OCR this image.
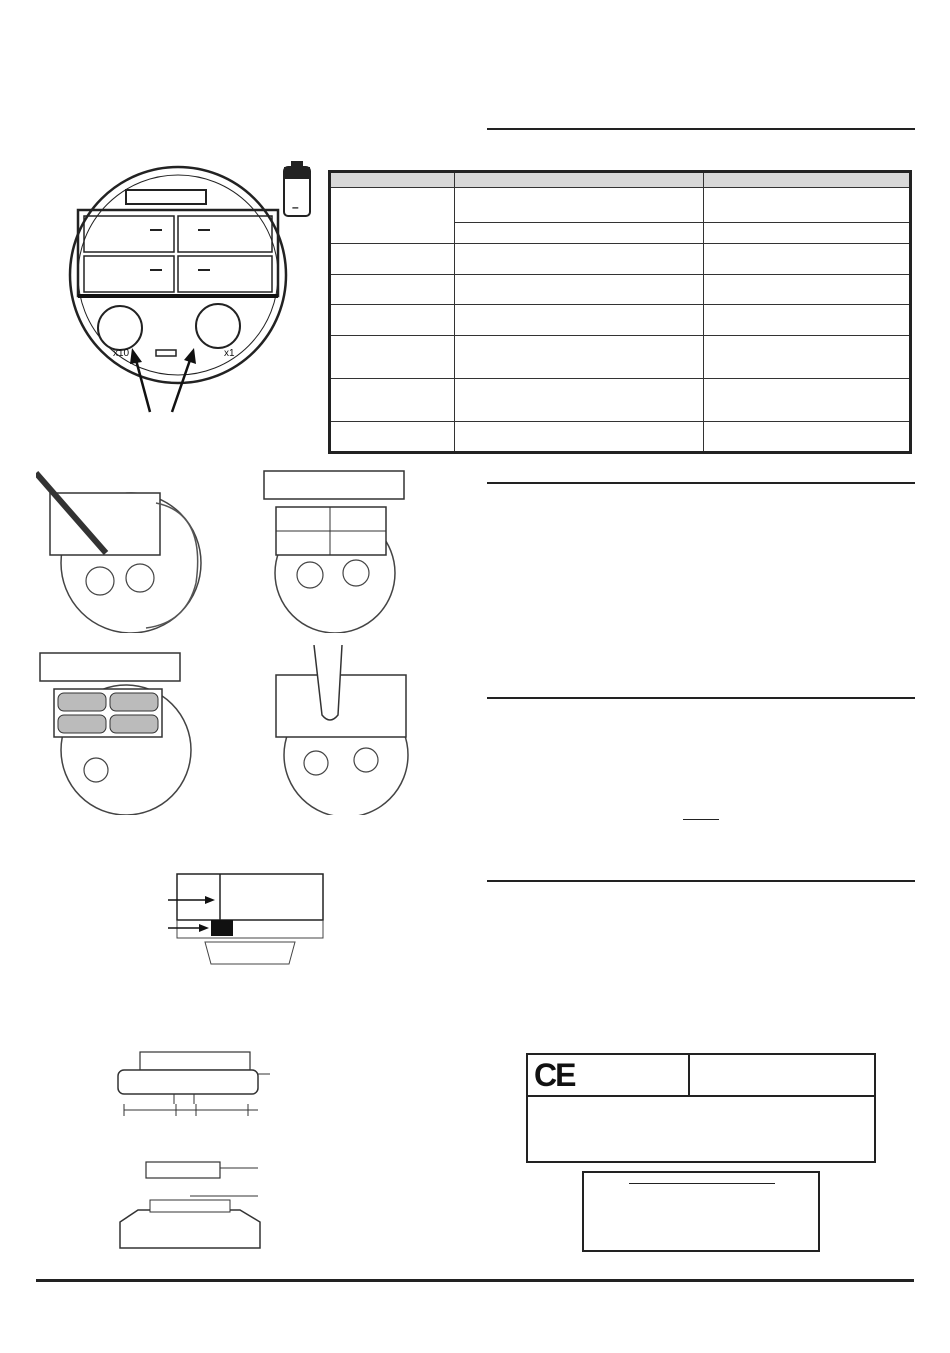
x10	x1
–

CE
